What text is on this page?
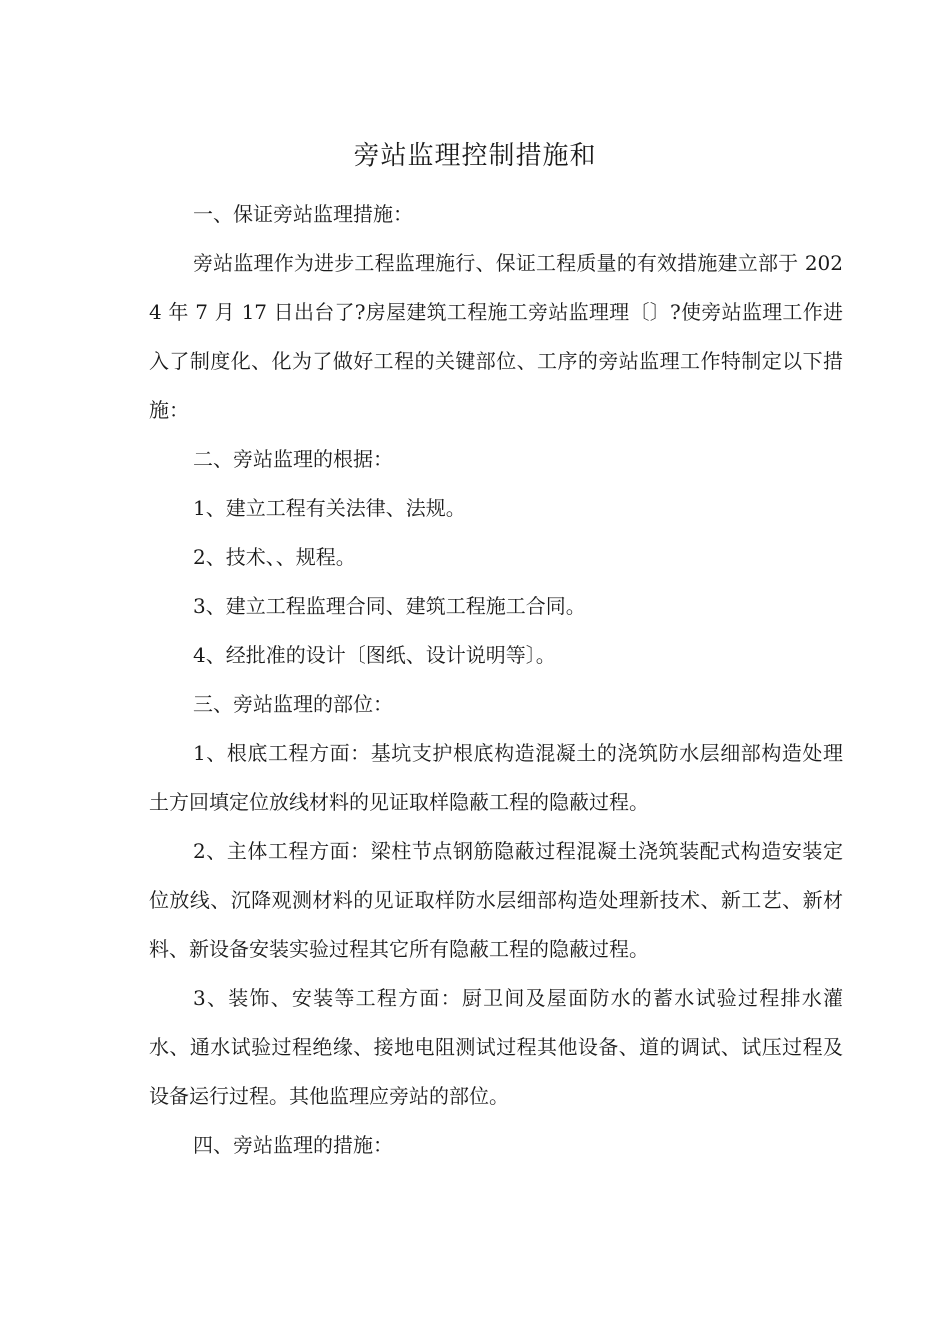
旁站监理控制措施和

一、保证旁站监理措施：

旁站监理作为进步工程监理施行、保证工程质量的有效措施建立部于 2024 年 7 月 17 日出台了?房屋建筑工程施工旁站监理理〔〕?使旁站监理工作进入了制度化、化为了做好工程的关键部位、工序的旁站监理工作特制定以下措施：

二、旁站监理的根据：

1、建立工程有关法律、法规。

2、技术、、规程。

3、建立工程监理合同、建筑工程施工合同。

4、经批准的设计〔图纸、设计说明等〕。

三、旁站监理的部位：

1、根底工程方面：基坑支护根底构造混凝土的浇筑防水层细部构造处理土方回填定位放线材料的见证取样隐蔽工程的隐蔽过程。

2、主体工程方面：梁柱节点钢筋隐蔽过程混凝土浇筑装配式构造安装定位放线、沉降观测材料的见证取样防水层细部构造处理新技术、新工艺、新材料、新设备安装实验过程其它所有隐蔽工程的隐蔽过程。

3、装饰、安装等工程方面：厨卫间及屋面防水的蓄水试验过程排水灌水、通水试验过程绝缘、接地电阻测试过程其他设备、道的调试、试压过程及设备运行过程。其他监理应旁站的部位。

四、旁站监理的措施：
